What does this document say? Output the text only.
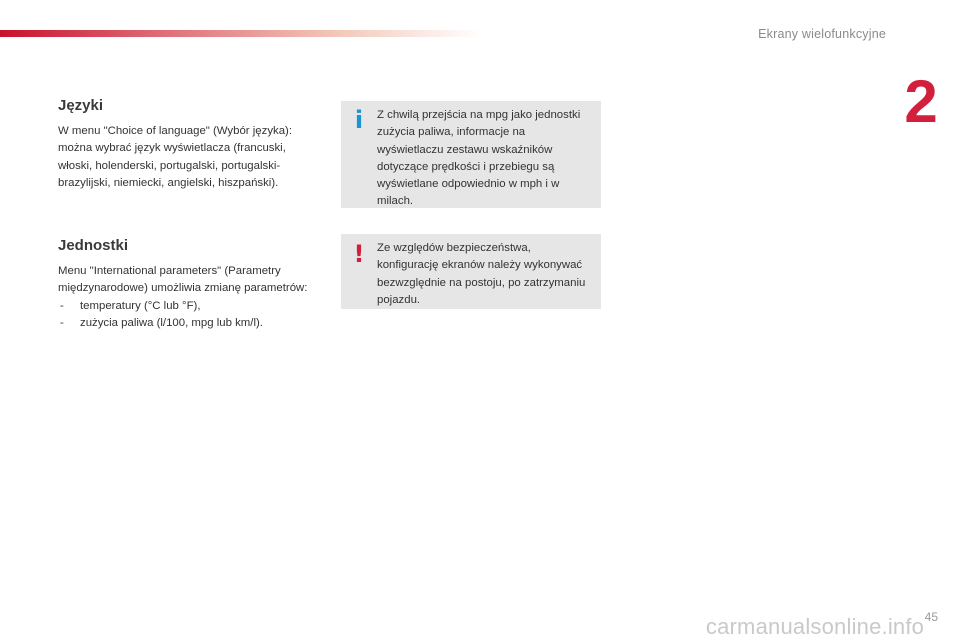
Ekrany wielofunkcyjne
2
Języki

W menu "Choice of language" (Wybór języka): można wybrać język wyświetlacza (francuski, włoski, holenderski, portugalski, portugalski-brazylijski, niemiecki, angielski, hiszpański).

Jednostki

Menu "International parameters" (Parametry międzynarodowe) umożliwia zmianę parametrów:

- temperatury (°C lub °F),
- zużycia paliwa (l/100, mpg lub km/l).
i	Z chwilą przejścia na mpg jako jednostki zużycia paliwa, informacje na wyświetlaczu zestawu wskaźników dotyczące prędkości i przebiegu są wyświetlane odpowiednio w mph i w milach.
!	Ze względów bezpieczeństwa, konfigurację ekranów należy wykonywać bezwzględnie na postoju, po zatrzymaniu pojazdu.
45
carmanualsonline.info
